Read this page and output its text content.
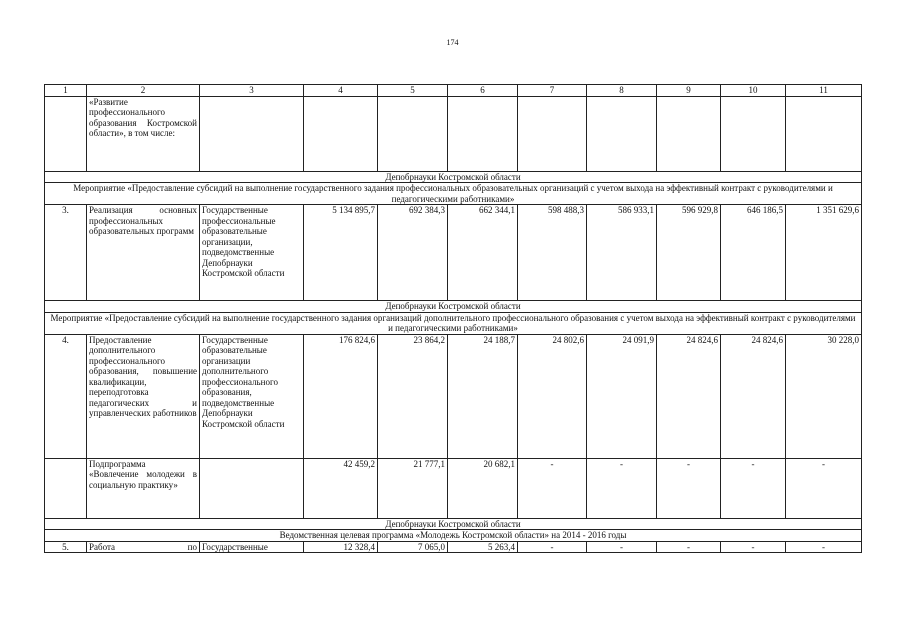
174
1	2	3	4	5	6	7	8	9	10	11
	«Развитие профессионального образования Костромской области», в том числе:									
Депобрнауки Костромской области										
Мероприятие «Предоставление субсидий на выполнение государственного задания профессиональных образовательных организаций с учетом выхода на эффективный контракт с руководителями и педагогическими работниками»										
3.	Реализация основных профессиональных образовательных программ	Государственные профессиональные образовательные организации, подведомственные Депобрнауки Костромской области	5 134 895,7	692 384,3	662 344,1	598 488,3	586 933,1	596 929,8	646 186,5	1 351 629,6
Депобрнауки Костромской области										
Мероприятие «Предоставление субсидий на выполнение государственного задания организаций дополнительного профессионального образования с учетом выхода на эффективный контракт с руководителями и педагогическими работниками»										
4.	Предоставление дополнительного профессионального образования, повышение квалификации, переподготовка педагогических и управленческих работников	Государственные образовательные организации дополнительного профессионального образования, подведомственные Депобрнауки Костромской области	176 824,6	23 864,2	24 188,7	24 802,6	24 091,9	24 824,6	24 824,6	30 228,0
	Подпрограмма «Вовлечение молодежи в социальную практику»		42 459,2	21 777,1	20 682,1	-	-	-	-	-
Депобрнауки Костромской области										
Ведомственная целевая программа «Молодежь Костромской области» на 2014 - 2016 годы										
5.	Работа по	Государственные	12 328,4	7 065,0	5 263,4	-	-	-	-	-
